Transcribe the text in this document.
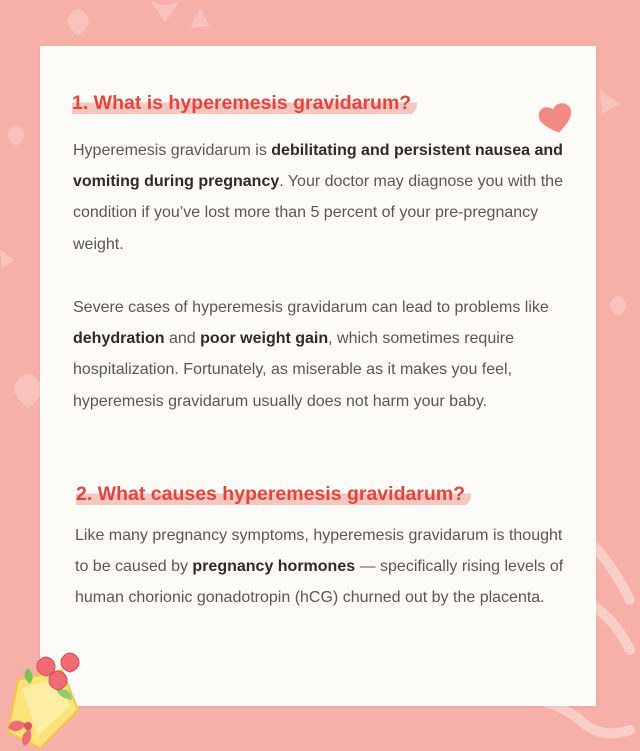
1. What is hyperemesis gravidarum?

Hyperemesis gravidarum is debilitating and persistent nausea and vomiting during pregnancy. Your doctor may diagnose you with the condition if you’ve lost more than 5 percent of your pre-pregnancy weight.

Severe cases of hyperemesis gravidarum can lead to problems like dehydration and poor weight gain, which sometimes require hospitalization. Fortunately, as miserable as it makes you feel, hyperemesis gravidarum usually does not harm your baby.

2. What causes hyperemesis gravidarum?

Like many pregnancy symptoms, hyperemesis gravidarum is thought to be caused by pregnancy hormones — specifically rising levels of human chorionic gonadotropin (hCG) churned out by the placenta.
